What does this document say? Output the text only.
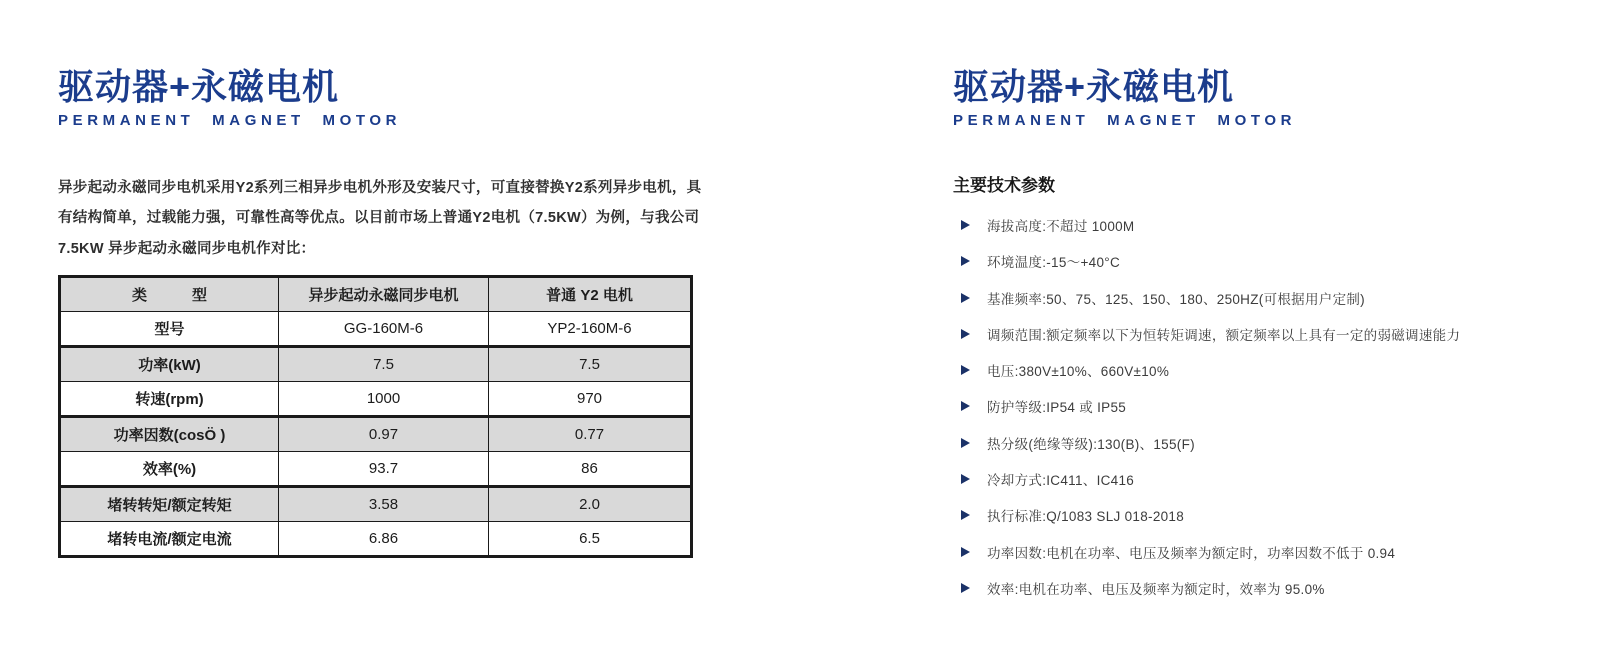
驱动器+永磁电机
PERMANENT MAGNET MOTOR
异步起动永磁同步电机采用Y2系列三相异步电机外形及安装尺寸，可直接替换Y2系列异步电机，具
有结构简单，过载能力强，可靠性高等优点。以目前市场上普通Y2电机（7.5KW）为例，与我公司
7.5KW 异步起动永磁同步电机作对比：
类　　　型	异步起动永磁同步电机	普通 Y2 电机
型号	GG-160M-6	YP2-160M-6
功率(kW)	7.5	7.5
转速(rpm)	1000	970
功率因数(cosÖ )	0.97	0.77
效率(%)	93.7	86
堵转转矩/额定转矩	3.58	2.0
堵转电流/额定电流	6.86	6.5
驱动器+永磁电机
PERMANENT MAGNET MOTOR
主要技术参数
海拔高度:不超过 1000M
环境温度:-15～+40°C
基准频率:50、75、125、150、180、250HZ(可根据用户定制)
调频范围:额定频率以下为恒转矩调速，额定频率以上具有一定的弱磁调速能力
电压:380V±10%、660V±10%
防护等级:IP54 或 IP55
热分级(绝缘等级):130(B)、155(F)
冷却方式:IC411、IC416
执行标准:Q/1083 SLJ 018-2018
功率因数:电机在功率、电压及频率为额定时，功率因数不低于 0.94
效率:电机在功率、电压及频率为额定时，效率为 95.0%
